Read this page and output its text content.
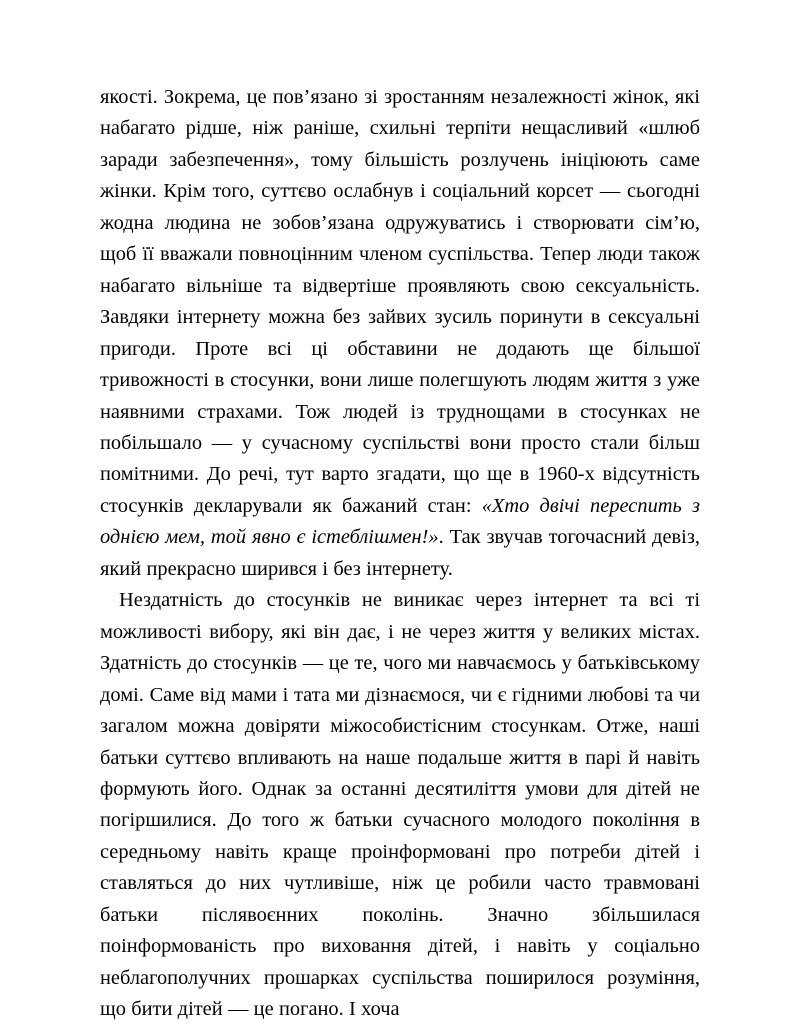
якості. Зокрема, це пов’язано зі зростанням незалежності жінок, які набагато рідше, ніж раніше, схильні терпіти нещасливий «шлюб заради забезпечення», тому більшість розлучень ініціюють саме жінки. Крім того, суттєво ослабнув і соціальний корсет — сьогодні жодна людина не зобов’язана одружуватись і створювати сім’ю, щоб її вважали повноцінним членом суспільства. Тепер люди також набагато вільніше та відвертіше проявляють свою сексуальність. Завдяки інтернету можна без зайвих зусиль поринути в сексуальні пригоди. Проте всі ці обставини не додають ще більшої тривожності в стосунки, вони лише полегшують людям життя з уже наявними страхами. Тож людей із труднощами в стосунках не побільшало — у сучасному суспільстві вони просто стали більш помітними. До речі, тут варто згадати, що ще в 1960-х відсутність стосунків декларували як бажаний стан: «Хто двічі переспить з однією мем, той явно є істеблішмен!». Так звучав тогочасний девіз, який прекрасно ширився і без інтернету.

Нездатність до стосунків не виникає через інтернет та всі ті можливості вибору, які він дає, і не через життя у великих містах. Здатність до стосунків — це те, чого ми навчаємось у батьківському домі. Саме від мами і тата ми дізнаємося, чи є гідними любові та чи загалом можна довіряти міжособистісним стосункам. Отже, наші батьки суттєво впливають на наше подальше життя в парі й навіть формують його. Однак за останні десятиліття умови для дітей не погіршилися. До того ж батьки сучасного молодого покоління в середньому навіть краще проінформовані про потреби дітей і ставляться до них чутливіше, ніж це робили часто травмовані батьки післявоєнних поколінь. Значно збільшилася поінформованість про виховання дітей, і навіть у соціально неблагополучних прошарках суспільства поширилося розуміння, що бити дітей — це погано. І хоча
